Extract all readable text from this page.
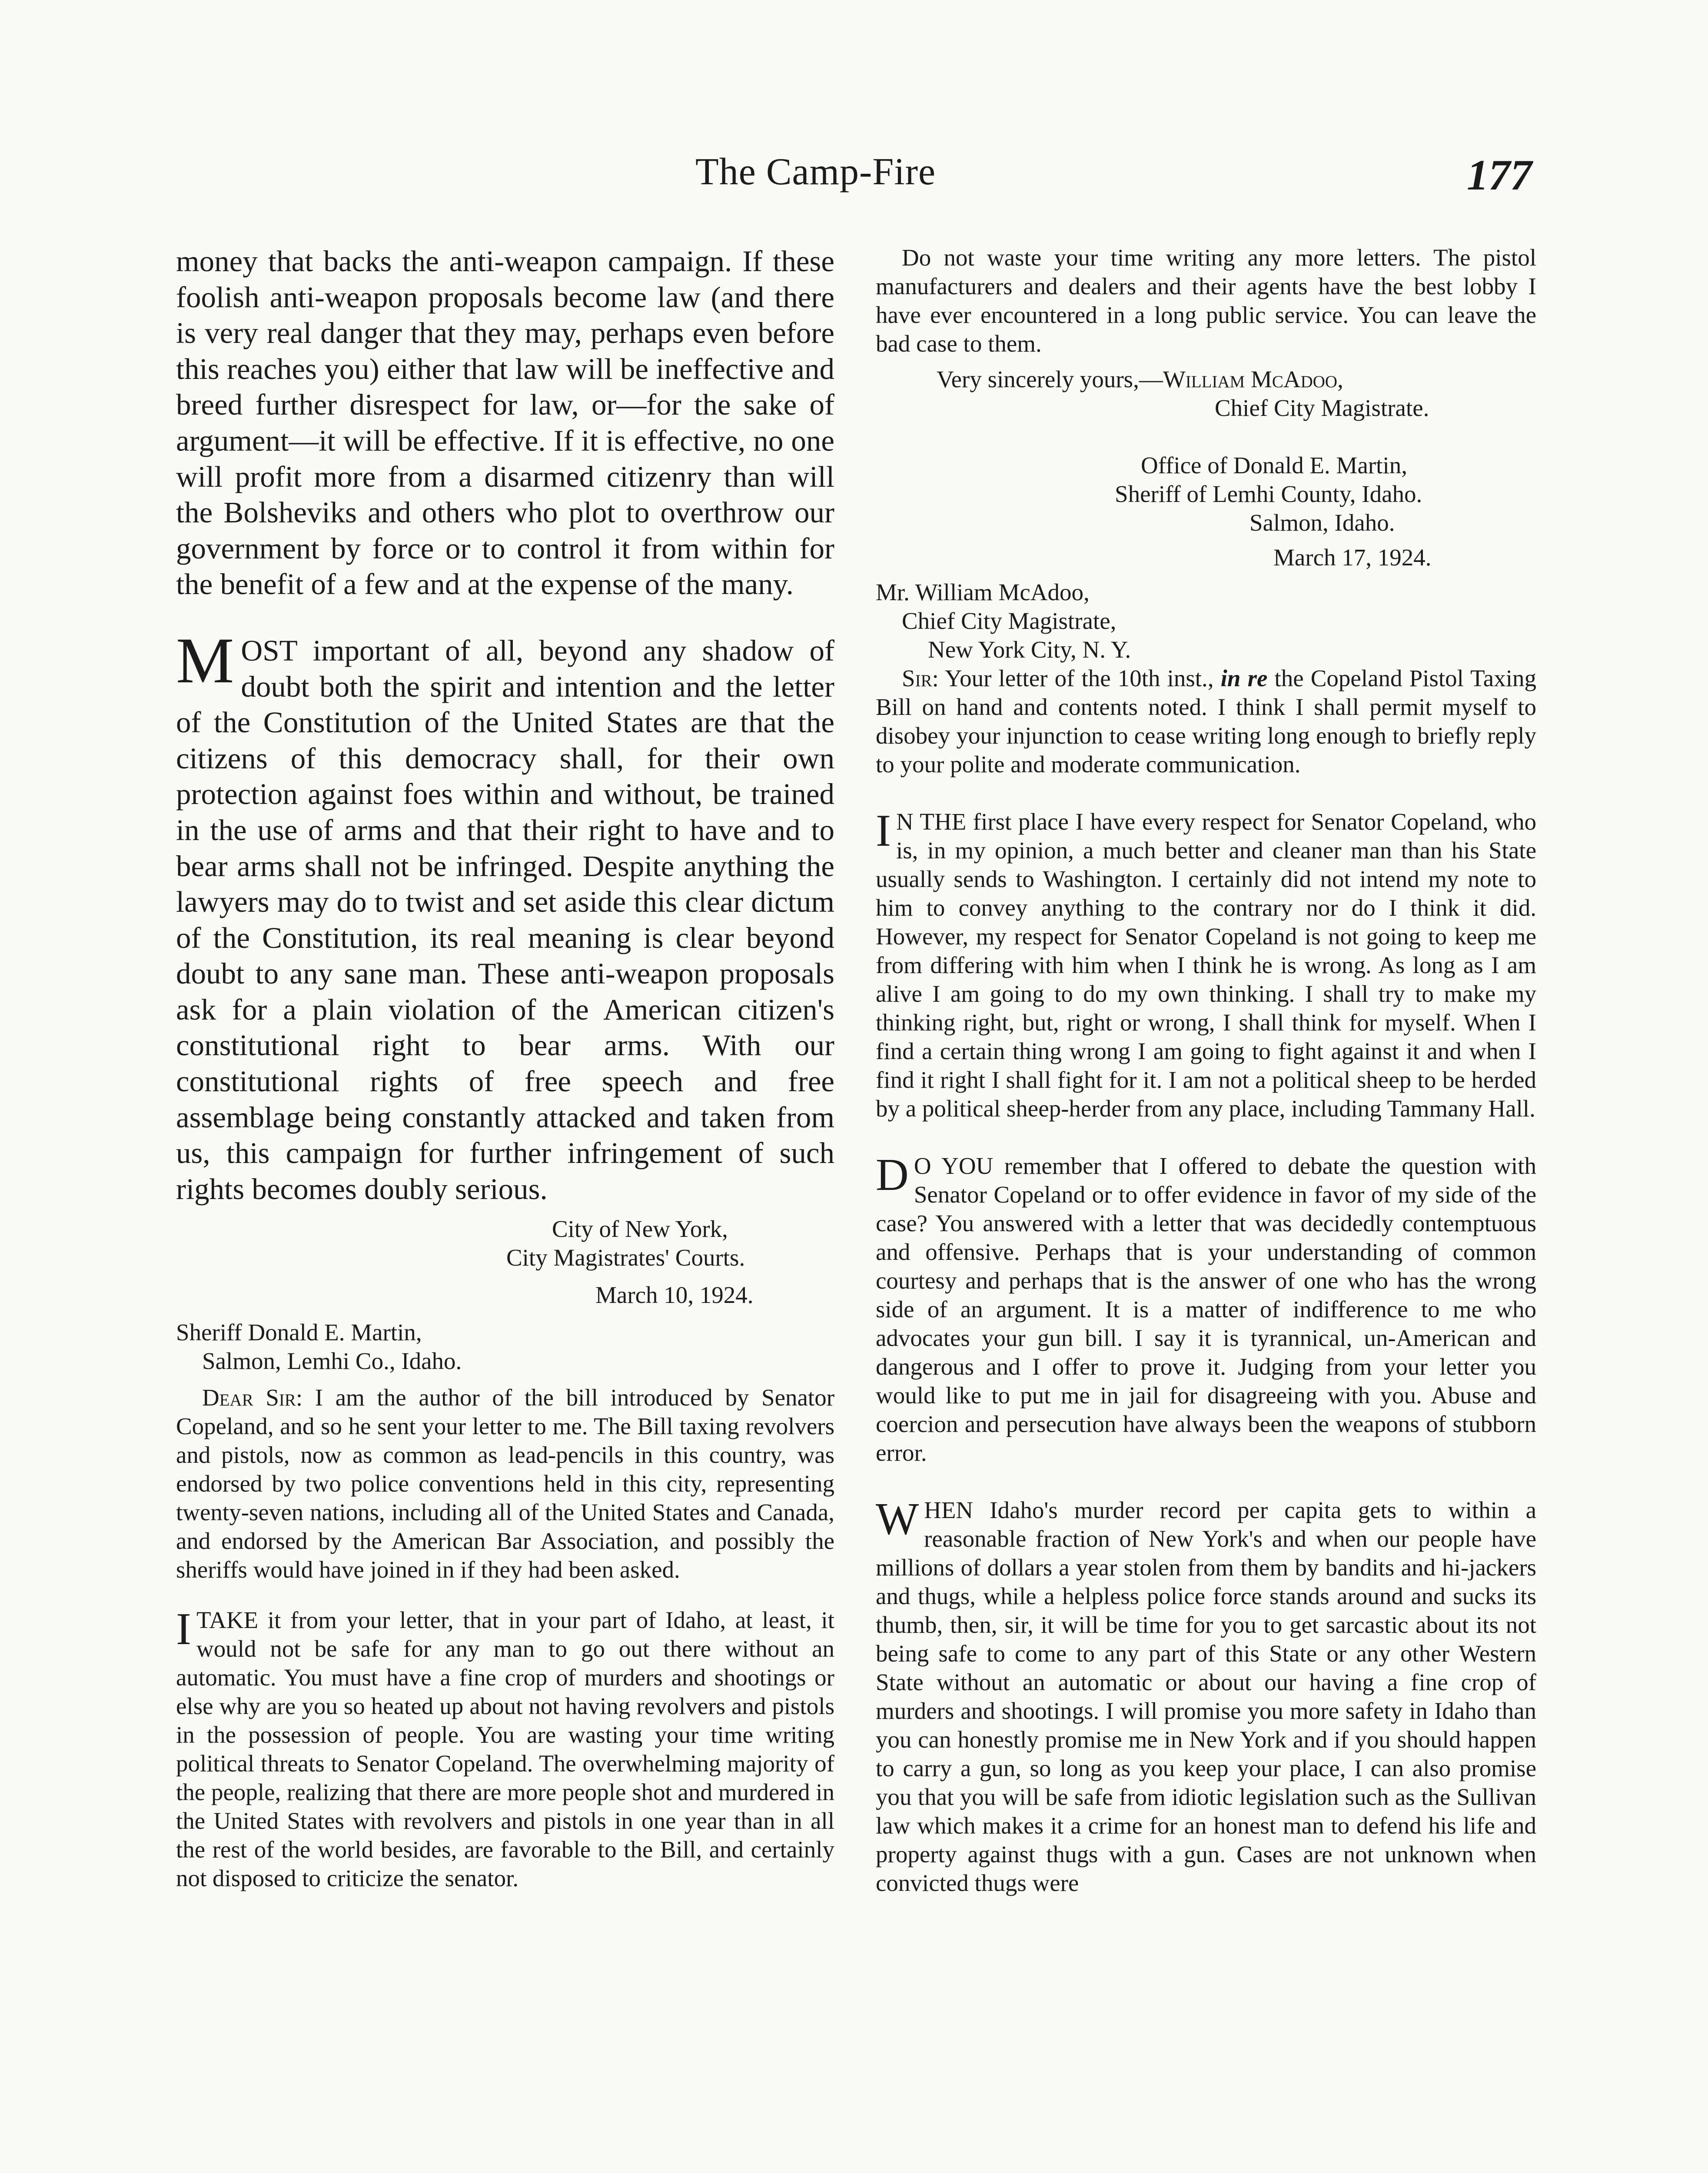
The Camp-Fire	177

money that backs the anti-weapon campaign. If these foolish anti-weapon proposals become law (and there is very real danger that they may, perhaps even before this reaches you) either that law will be ineffective and breed further disrespect for law, or—for the sake of argument—it will be effective. If it is effective, no one will profit more from a disarmed citizenry than will the Bolsheviks and others who plot to overthrow our government by force or to control it from within for the benefit of a few and at the expense of the many.

M OST important of all, beyond any shadow of doubt both the spirit and intention and the letter of the Constitution of the United States are that the citizens of this democracy shall, for their own protection against foes within and without, be trained in the use of arms and that their right to have and to bear arms shall not be infringed. Despite anything the lawyers may do to twist and set aside this clear dictum of the Constitution, its real meaning is clear beyond doubt to any sane man. These anti-weapon proposals ask for a plain violation of the American citizen's constitutional right to bear arms. With our constitutional rights of free speech and free assemblage being constantly attacked and taken from us, this campaign for further infringement of such rights becomes doubly serious.

City of New York,
City Magistrates' Courts.
March 10, 1924.
Sheriff Donald E. Martin,
Salmon, Lemhi Co., Idaho.

Dear Sir: I am the author of the bill introduced by Senator Copeland, and so he sent your letter to me. The Bill taxing revolvers and pistols, now as common as lead-pencils in this country, was endorsed by two police conventions held in this city, representing twenty-seven nations, including all of the United States and Canada, and endorsed by the American Bar Association, and possibly the sheriffs would have joined in if they had been asked.

I TAKE it from your letter, that in your part of Idaho, at least, it would not be safe for any man to go out there without an automatic. You must have a fine crop of murders and shootings or else why are you so heated up about not having revolvers and pistols in the possession of people. You are wasting your time writing political threats to Senator Copeland. The overwhelming majority of the people, realizing that there are more people shot and murdered in the United States with revolvers and pistols in one year than in all the rest of the world besides, are favorable to the Bill, and certainly not disposed to criticize the senator.

Do not waste your time writing any more letters. The pistol manufacturers and dealers and their agents have the best lobby I have ever encountered in a long public service. You can leave the bad case to them.

Very sincerely yours,—William McAdoo,
Chief City Magistrate.
Office of Donald E. Martin,
Sheriff of Lemhi County, Idaho.
Salmon, Idaho.
March 17, 1924.
Mr. William McAdoo,
Chief City Magistrate,
New York City, N. Y.

Sir: Your letter of the 10th inst., in re the Copeland Pistol Taxing Bill on hand and contents noted. I think I shall permit myself to disobey your injunction to cease writing long enough to briefly reply to your polite and moderate communication.

I N THE first place I have every respect for Senator Copeland, who is, in my opinion, a much better and cleaner man than his State usually sends to Washington. I certainly did not intend my note to him to convey anything to the contrary nor do I think it did. However, my respect for Senator Copeland is not going to keep me from differing with him when I think he is wrong. As long as I am alive I am going to do my own thinking. I shall try to make my thinking right, but, right or wrong, I shall think for myself. When I find a certain thing wrong I am going to fight against it and when I find it right I shall fight for it. I am not a political sheep to be herded by a political sheep-herder from any place, including Tammany Hall.

D O YOU remember that I offered to debate the question with Senator Copeland or to offer evidence in favor of my side of the case? You answered with a letter that was decidedly contemptuous and offensive. Perhaps that is your understanding of common courtesy and perhaps that is the answer of one who has the wrong side of an argument. It is a matter of indifference to me who advocates your gun bill. I say it is tyrannical, un-American and dangerous and I offer to prove it. Judging from your letter you would like to put me in jail for disagreeing with you. Abuse and coercion and persecution have always been the weapons of stubborn error.

W HEN Idaho's murder record per capita gets to within a reasonable fraction of New York's and when our people have millions of dollars a year stolen from them by bandits and hi-jackers and thugs, while a helpless police force stands around and sucks its thumb, then, sir, it will be time for you to get sarcastic about its not being safe to come to any part of this State or any other Western State without an automatic or about our having a fine crop of murders and shootings. I will promise you more safety in Idaho than you can honestly promise me in New York and if you should happen to carry a gun, so long as you keep your place, I can also promise you that you will be safe from idiotic legislation such as the Sullivan law which makes it a crime for an honest man to defend his life and property against thugs with a gun. Cases are not unknown when convicted thugs were
